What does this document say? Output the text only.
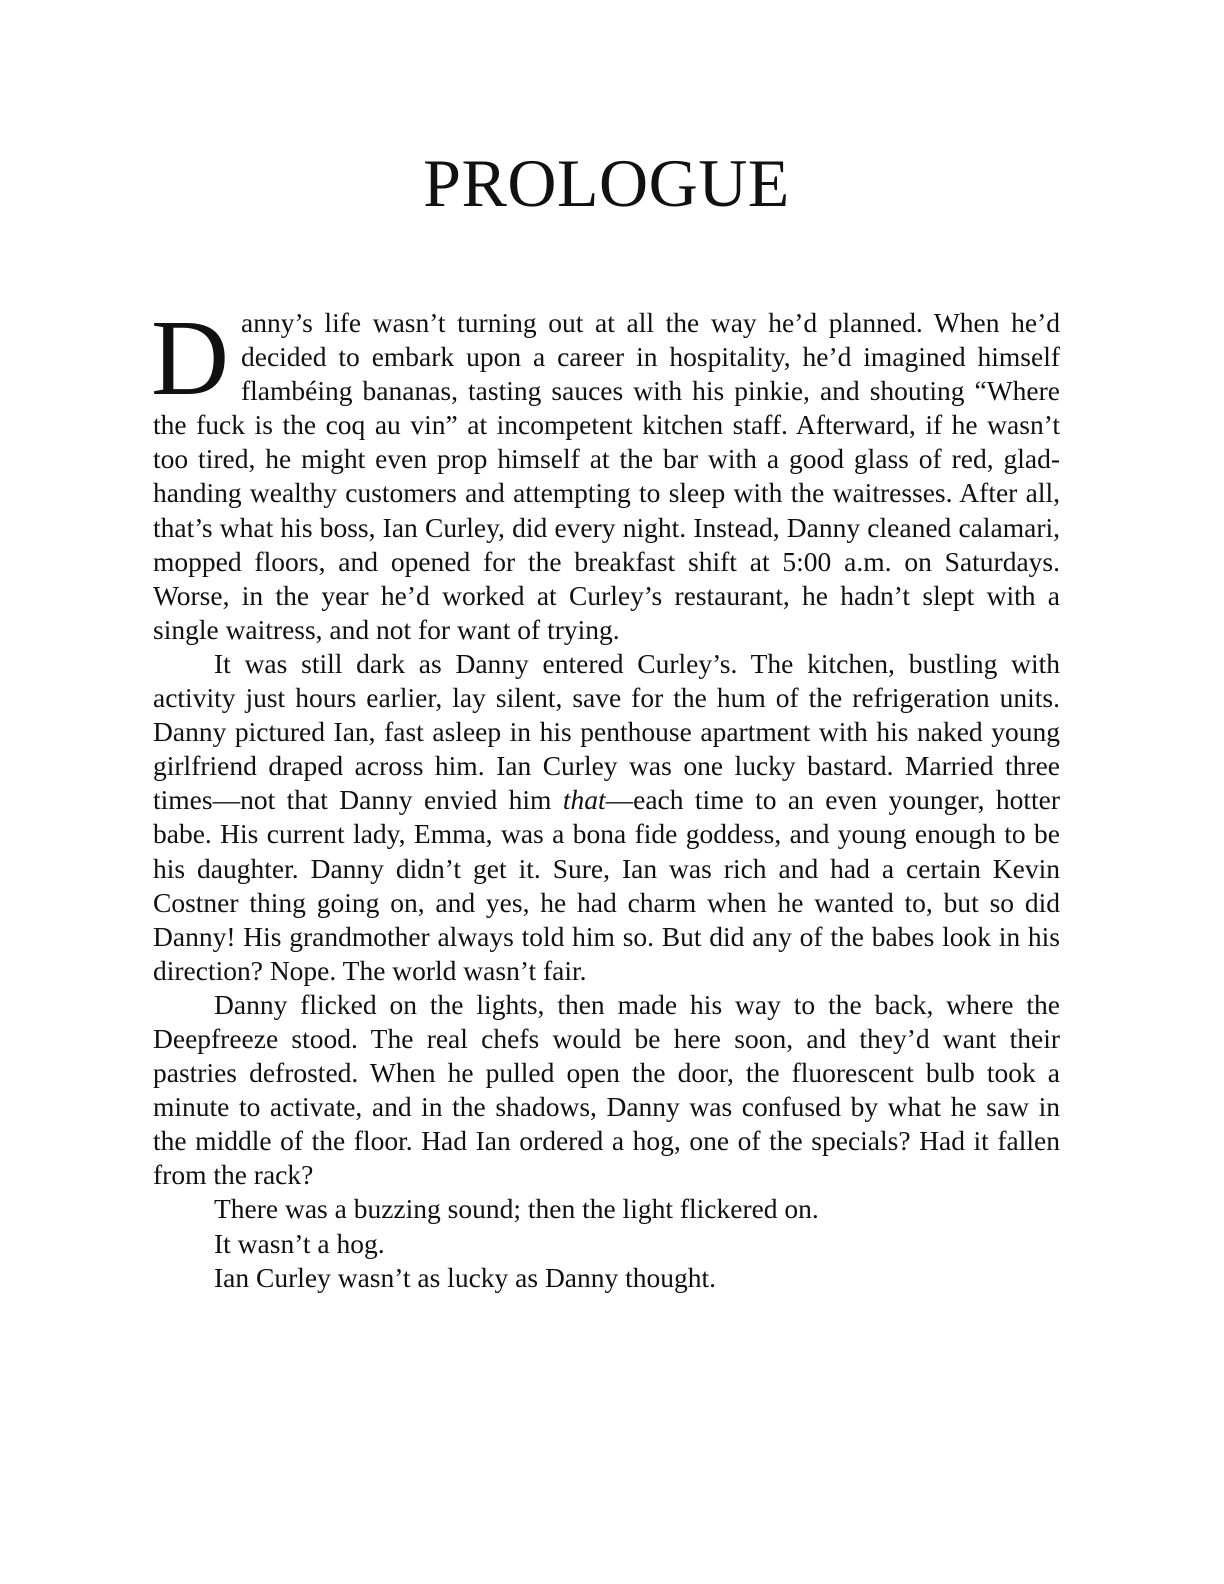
PROLOGUE

Danny’s life wasn’t turning out at all the way he’d planned. When he’d decided to embark upon a career in hospitality, he’d imagined himself flambéing bananas, tasting sauces with his pinkie, and shouting “Where the fuck is the coq au vin” at incompetent kitchen staff. Afterward, if he wasn’t too tired, he might even prop himself at the bar with a good glass of red, glad-handing wealthy customers and attempting to sleep with the waitresses. After all, that’s what his boss, Ian Curley, did every night. Instead, Danny cleaned calamari, mopped floors, and opened for the breakfast shift at 5:00 a.m. on Saturdays. Worse, in the year he’d worked at Curley’s restaurant, he hadn’t slept with a single waitress, and not for want of trying.

It was still dark as Danny entered Curley’s. The kitchen, bustling with activity just hours earlier, lay silent, save for the hum of the refrigeration units. Danny pictured Ian, fast asleep in his penthouse apartment with his naked young girlfriend draped across him. Ian Curley was one lucky bastard. Married three times—not that Danny envied him that—each time to an even younger, hotter babe. His current lady, Emma, was a bona fide goddess, and young enough to be his daughter. Danny didn’t get it. Sure, Ian was rich and had a certain Kevin Costner thing going on, and yes, he had charm when he wanted to, but so did Danny! His grandmother always told him so. But did any of the babes look in his direction? Nope. The world wasn’t fair.

Danny flicked on the lights, then made his way to the back, where the Deepfreeze stood. The real chefs would be here soon, and they’d want their pastries defrosted. When he pulled open the door, the fluorescent bulb took a minute to activate, and in the shadows, Danny was confused by what he saw in the middle of the floor. Had Ian ordered a hog, one of the specials? Had it fallen from the rack?

There was a buzzing sound; then the light flickered on.

It wasn’t a hog.

Ian Curley wasn’t as lucky as Danny thought.
